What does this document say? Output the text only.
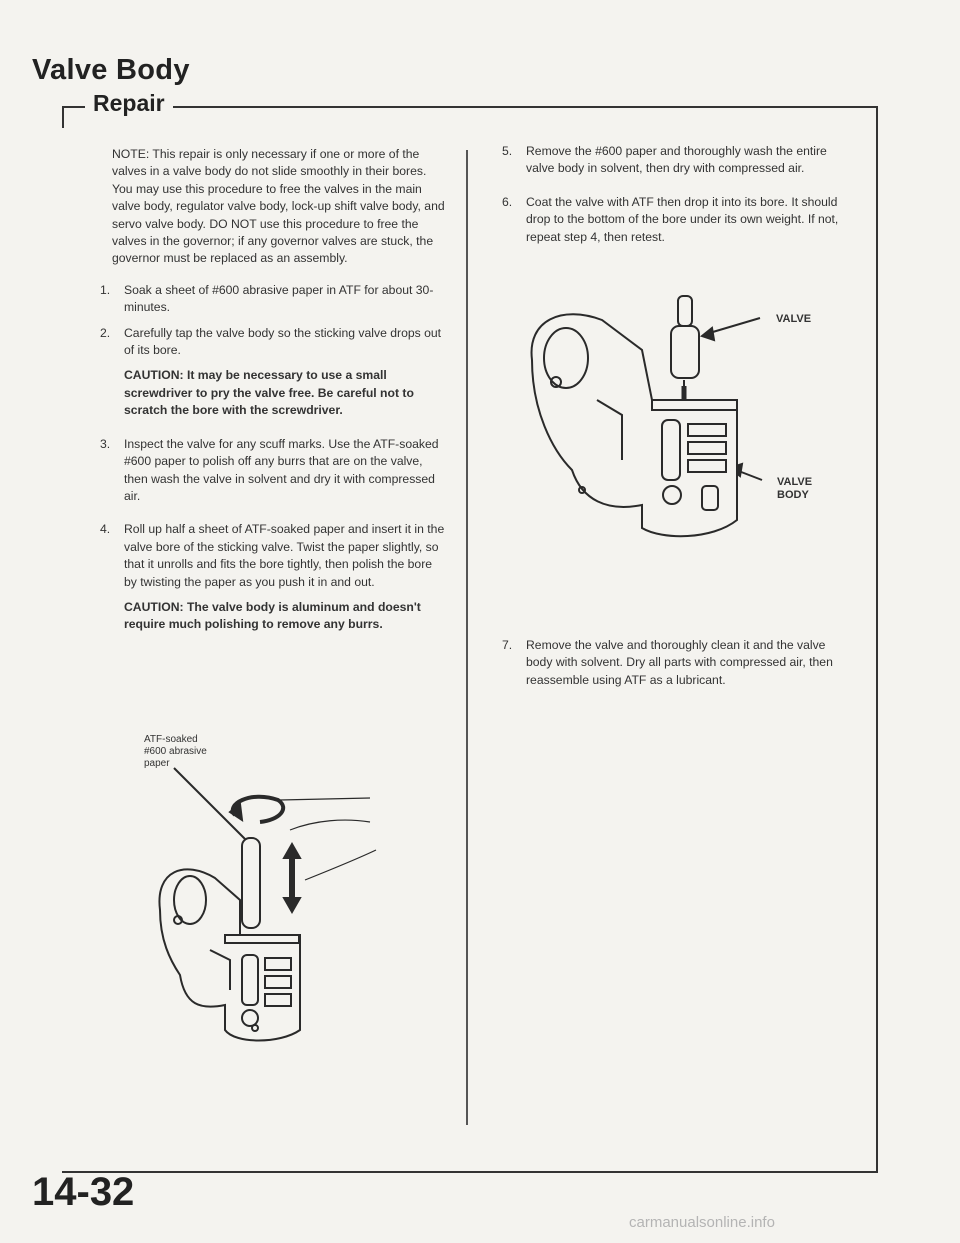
Valve Body
Repair

NOTE: This repair is only necessary if one or more of the valves in a valve body do not slide smoothly in their bores. You may use this procedure to free the valves in the main valve body, regulator valve body, lock-up shift valve body, and servo valve body. DO NOT use this procedure to free the valves in the governor; if any governor valves are stuck, the governor must be replaced as an assembly.

1.	Soak a sheet of #600 abrasive paper in ATF for about 30-minutes.
2.	Carefully tap the valve body so the sticking valve drops out of its bore.

CAUTION: It may be necessary to use a small screwdriver to pry the valve free. Be careful not to scratch the bore with the screwdriver.

3.	Inspect the valve for any scuff marks. Use the ATF-soaked #600 paper to polish off any burrs that are on the valve, then wash the valve in solvent and dry it with compressed air.
4.	Roll up half a sheet of ATF-soaked paper and insert it in the valve bore of the sticking valve. Twist the paper slightly, so that it unrolls and fits the bore tightly, then polish the bore by twisting the paper as you push it in and out.

CAUTION: The valve body is aluminum and doesn't require much polishing to remove any burrs.

ATF-soaked
#600 abrasive
paper
5.	Remove the #600 paper and thoroughly wash the entire valve body in solvent, then dry with compressed air.
6.	Coat the valve with ATF then drop it into its bore. It should drop to the bottom of the bore under its own weight. If not, repeat step 4, then retest.
VALVE
VALVE
BODY
7.	Remove the valve and thoroughly clean it and the valve body with solvent. Dry all parts with compressed air, then reassemble using ATF as a lubricant.
14-32
carmanualsonline.info
